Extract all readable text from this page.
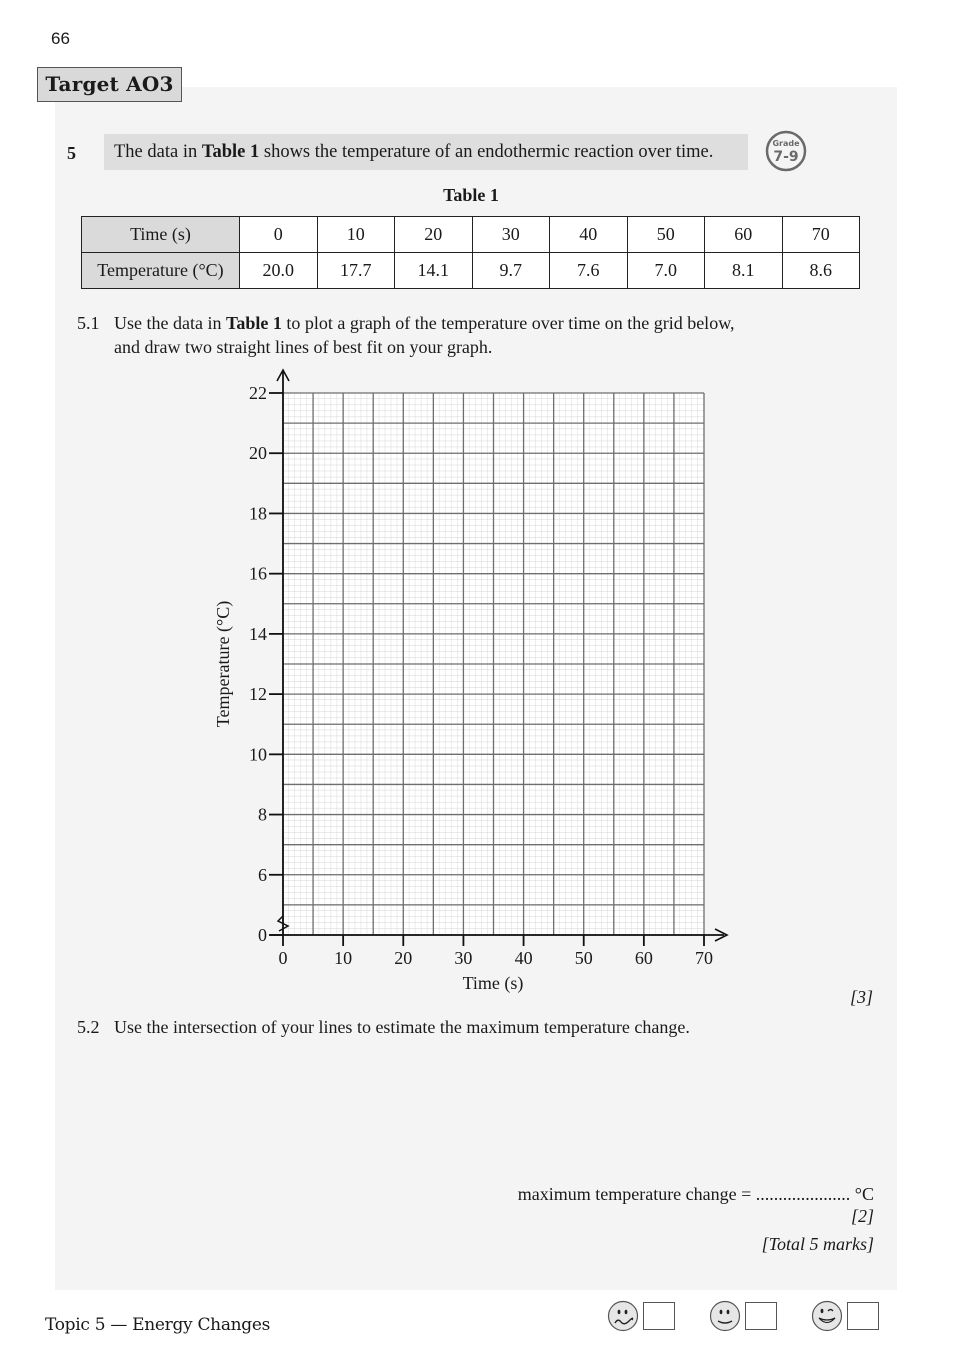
66
Target AO3
5	The data in Table 1 shows the temperature of an endothermic reaction over time.	Grade
7-9
Table 1
Time (s)	0	10	20	30	40	50	60	70
Temperature (°C)	20.0	17.7	14.1	9.7	7.6	7.0	8.1	8.6
5.1 Use the data in Table 1 to plot a graph of the temperature over time on the grid below,
and draw two straight lines of best fit on your graph.
0
6
8
10
12
14
16
18
20
22
0	10 20 30 40 50 60 70
Time (s)
Temperature (°C)
[3]
5.2 Use the intersection of your lines to estimate the maximum temperature change.
maximum temperature change = ..................... °C
[2]
[Total 5 marks]
Topic 5 — Energy Changes
